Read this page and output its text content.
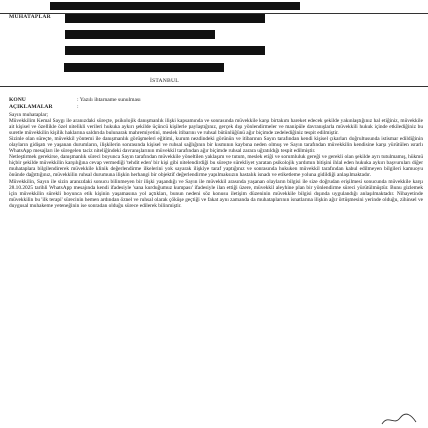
MUHATAPLAR
İSTANBUL
KONU	: Yazılı ihtarname sunulması
AÇIKLAMALAR	:

Sayın muhataplar;

Müvekkilim Kemal Saygı ile aranızdaki süreçte, psikolojik danışmanlık ilişki kapsamında ve sonrasında müvekkile karşı birtakım hareket edecek şekilde yakınlaştığınız hal etiğiniz, müvekkile ait kişisel ve özellikle özel nitelikli verileri hukuka aykırı şekilde üçüncü kişilerle paylaştığınız, gerçek dışı yönlendirmeler ve manipüle davranışlarla müvekkili hukuk içinde etkilediğiniz bu suretle müvekkilin kişilik haklarına saldırıda bulunarak mahremiyetini, meslek itibarını ve ruhsal bütünlüğünü ağır biçimde zedelediğiniz tespit edilmiştir.

Sizinle olan süreçte, müvekkil yöntemi ile danışmanlık görüşmeleri eğitimi, kurum nezdindeki görünün ve itibarının Sayın tarafından kendi kişisel çıkarları doğrultusunda istismar edildiğinin olayların gidişatı ve yaşanan durumların, ilişkilerin sonrasında kişisel ve ruhsal sağlığının bir kısmının kaybına neden olmuş ve Sayın tarafından müvekkilin kendisine karşı yürütülen ısrarlı WhatsApp mesajları ile süregelen taciz niteliğindeki davranışlarının müvekkil tarafından ağır biçimde ruhsal zarara uğratıldığı tespit edilmiştir.

Netleştirmek gerekirse, danışmanlık süreci boyunca Sayın tarafından müvekkile yöneltilen yaklaşım ve tutum, meslek etiği ve sorumluluk gereği ve gerekli olan şekilde ayrı tutulmamış, hükmü hiçbir şekilde müvekkilin karşılığına cevap vermediği 'tehdit eden' bir kişi gibi nitelendirdiği bu süreçte sürekliyet yaratan psikolojik yardımın bitişini ihlal eden hukuka aykırı başvuruları diğer muhataplara bilgilendirerek müvekkile klinik değerlendirme ilkelerini yok sayarak ilişkiye taraf yaptığınız ve sonrasında hukuken müvekkil tarafından kabul edilmeyen bilgileri kamuoyu önünde dağıttığınız, müvekkilin ruhsal durumuna ilişkin herhangi bir objektif değerlendirme yapılmaksızın hastalık isnadı ve etiketleme yoluna gidildiği anlaşılmaktadır.

Müvekkilin, Sayın ile sizin aranızdaki sonucu bilinmeyen bir ilişki yaşandığı ve Sayın ile müvekkil arasında yaşanan olayların bilgisi ile size doğrudan erişilmesi sonucunda müvekkile karşı 28.10.2025 tarihli WhatsApp mesajında kendi ifadesiyle 'sana kurduğumuz kumpası' ifadesiyle ilan ettiği üzere, müvekkil aleyhine plan bir yönlendirme süreci yürütülmüştür. Bunu gizlemek için müvekkilin sürekli boyunca etik kişinin yaşamasına yol açtıkları, bunun nedeni söz konusu iletişim düzeninin müvekkile bilgisi dışında uygulandığı anlaşılmaktadır. Nihayetinde müvekkilin bu 'ilk terapi' sürecinin hemen ardından öznel ve ruhsal olarak çöküşe geçtiği ve fakat aynı zamanda da muhataplarının isnatlarına ilişkin ağır örtüşmesini yerinde olduğu, zihinsel ve duygusal muhakeme yeteneğinin ise sonradan olduğu sürece edilerek bilinmiştir.
